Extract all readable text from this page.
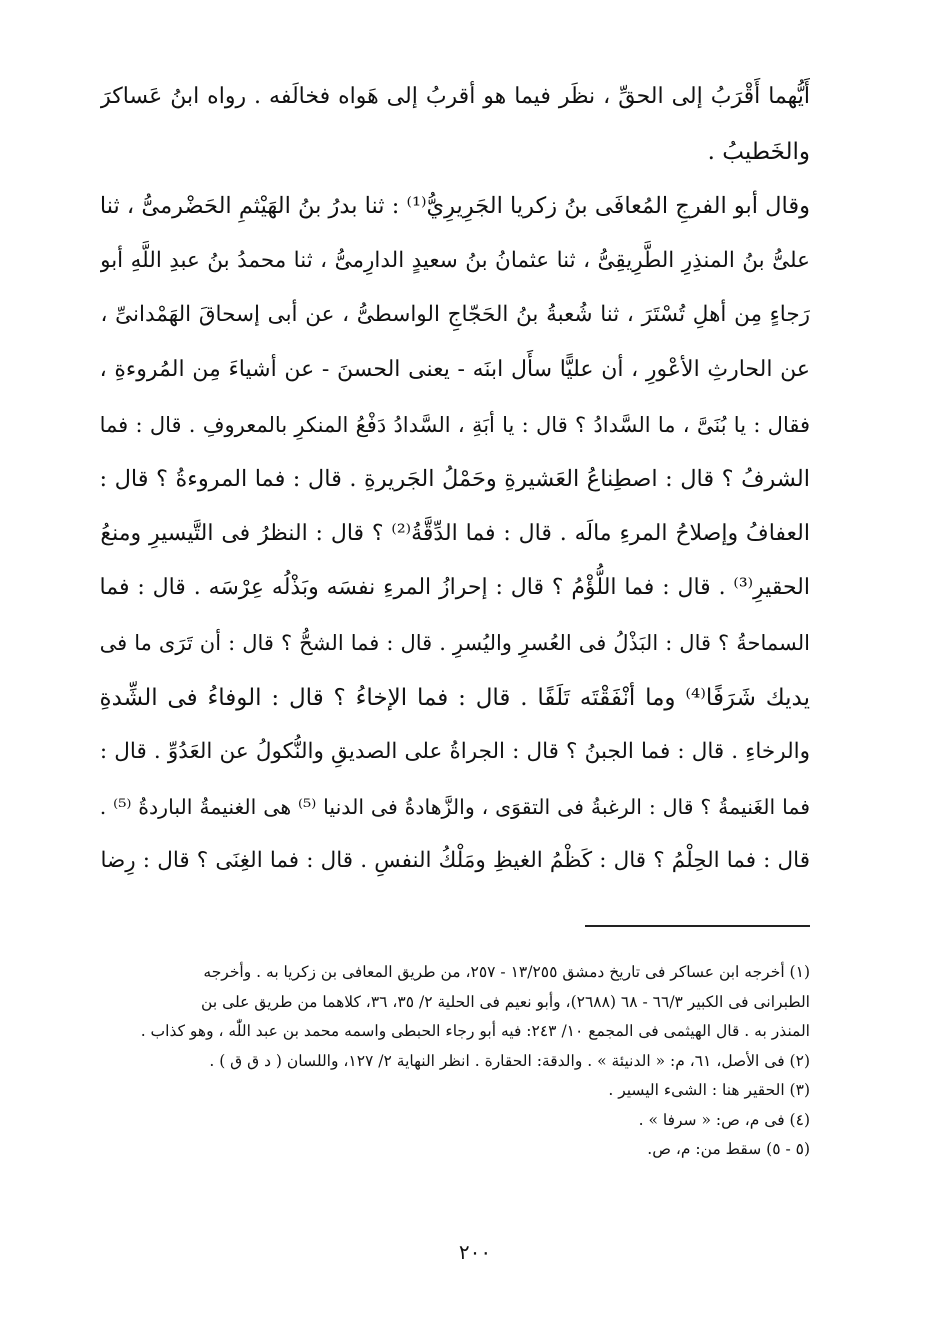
أَيُّهما أَقْرَبُ إلى الحقِّ ، نظَر فيما هو أقربُ إلى هَواه فخالَفه . رواه ابنُ عَساكرَ
والخَطيبُ .
وقال أبو الفرجِ المُعافَى بنُ زكريا الجَرِيرِيُّ⁽¹⁾ : ثنا بدرُ بنُ الهَيْثمِ الحَضْرمىُّ ، ثنا
علىُّ بنُ المنذِرِ الطَّرِيقِىُّ ، ثنا عثمانُ بنُ سعيدٍ الدارِمىُّ ، ثنا محمدُ بنُ عبدِ اللَّهِ أبو
رَجاءٍ مِن أهلِ تُسْتَرَ ، ثنا شُعبةُ بنُ الحَجّاجِ الواسطىُّ ، عن أبى إسحاقَ الهَمْدانىِّ ،
عن الحارثِ الأعْورِ ، أن عليًّا سأَل ابنَه - يعنى الحسنَ - عن أشياءَ مِن المُروءةِ ،
فقال : يا بُنَىَّ ، ما السَّدادُ ؟ قال : يا أبَةِ ، السَّدادُ دَفْعُ المنكرِ بالمعروفِ . قال : فما
الشرفُ ؟ قال : اصطِناعُ العَشيرةِ وحَمْلُ الجَريرةِ . قال : فما المروءةُ ؟ قال :
العفافُ وإصلاحُ المرءِ مالَه . قال : فما الدِّقَّةُ⁽²⁾ ؟ قال : النظرُ فى التَّيسيرِ ومنعُ
الحقيرِ⁽³⁾ . قال : فما اللُّؤْمُ ؟ قال : إحرازُ المرءِ نفسَه وبَذْلُه عِرْسَه . قال : فما
السماحةُ ؟ قال : البَذْلُ فى العُسرِ واليُسرِ . قال : فما الشحُّ ؟ قال : أن تَرَى ما فى
يديك شَرَفًا⁽⁴⁾ وما أنْفَقْتَه تَلَفًا . قال : فما الإخاءُ ؟ قال : الوفاءُ فى الشِّدةِ
والرخاءِ . قال : فما الجبنُ ؟ قال : الجراةُ على الصديقِ والنُّكولُ عن العَدُوِّ . قال :
فما الغَنيمةُ ؟ قال : الرغبةُ فى التقوَى ، والزَّهادةُ فى الدنيا ⁽⁵⁾ هى الغنيمةُ الباردةُ ⁽⁵⁾ .
قال : فما الحِلْمُ ؟ قال : كَظْمُ الغيظِ ومَلْكُ النفسِ . قال : فما الغِنَى ؟ قال : رِضا
(١) أخرجه ابن عساكر فى تاريخ دمشق ١٣/٢٥٥ - ٢٥٧، من طريق المعافى بن زكريا به . وأخرجه
الطبرانى فى الكبير ٦٦/٣ - ٦٨ (٢٦٨٨)، وأبو نعيم فى الحلية ٢/ ٣٥، ٣٦، كلاهما من طريق على بن
المنذر به . قال الهيثمى فى المجمع ١٠/ ٢٤٣: فيه أبو رجاء الحبطى واسمه محمد بن عبد اللّٰه ، وهو كذاب .
(٢) فى الأصل، ٦١، م: « الدنيئة » . والدقة: الحقارة . انظر النهاية ٢/ ١٢٧، واللسان ( د ق ق ) .
(٣) الحقير هنا : الشىء اليسير .
(٤) فى م، ص: « سرفا » .
(٥ - ٥) سقط من: م، ص.
٢٠٠
